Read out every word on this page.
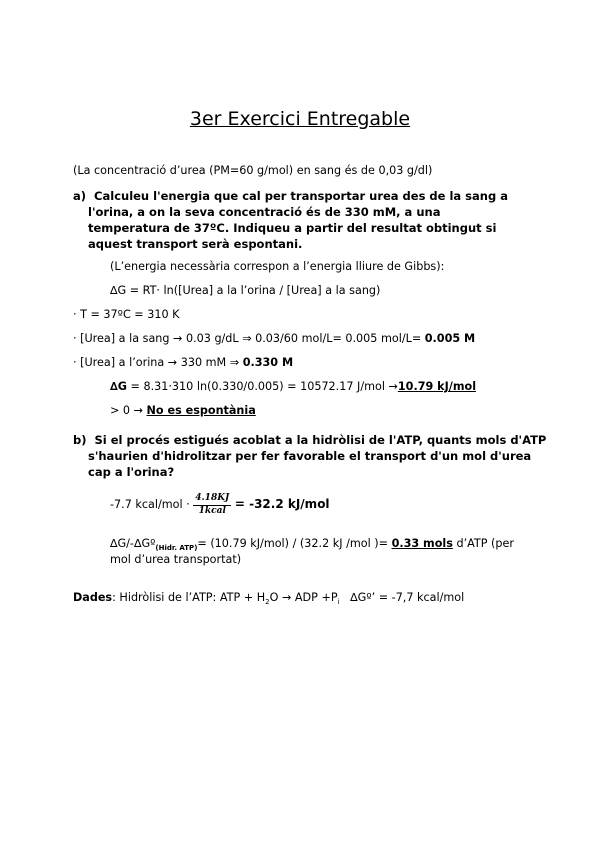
3er Exercici Entregable
(La concentració d’urea (PM=60 g/mol) en sang és de 0,03 g/dl)
a) Calculeu l'energia que cal per transportar urea des de la sang a
l'orina, a on la seva concentració és de 330 mM, a una
temperatura de 37ºC. Indiqueu a partir del resultat obtingut si
aquest transport serà espontani.
(L’energia necessària correspon a l’energia lliure de Gibbs):
∆G = RT· ln([Urea] a la l’orina / [Urea] a la sang)
· T = 37ºC = 310 K
· [Urea] a la sang → 0.03 g/dL ⇒ 0.03/60 mol/L= 0.005 mol/L= 0.005 M
· [Urea] a l’orina → 330 mM ⇒ 0.330 M
∆G = 8.31·310 ln(0.330/0.005) = 10572.17 J/mol →10.79 kJ/mol
> 0 → No es espontània
b) Si el procés estigués acoblat a la hidròlisi de l'ATP, quants mols d'ATP
s'haurien d'hidrolitzar per fer favorable el transport d'un mol d'urea
cap a l'orina?
-7.7 kcal/mol · $\frac{4.18KJ}{\text{1kcal}} = -32.2$ kJ/mol
∆G/-∆Gº$_{(Hidr. ATP)}$= (10.79 kJ/mol) / (32.2 kJ /mol )= 0.33 mols d’ATP (per
mol d’urea transportat)
Dades: Hidròlisi de l’ATP: ATP + $H_2O$ → ADP $+P_i$   ∆Gº’ = -7,7 kcal/mol
